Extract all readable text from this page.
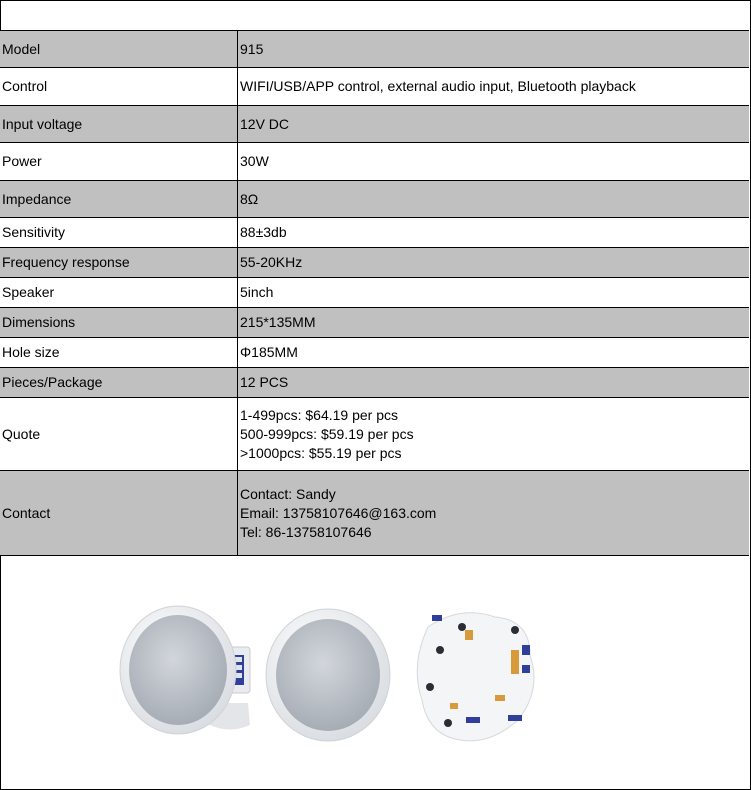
Model	915
Control	WIFI/USB/APP control, external audio input, Bluetooth playback
Input voltage	12V DC
Power	30W
Impedance	8Ω
Sensitivity	88±3db
Frequency response	55-20KHz
Speaker	5inch
Dimensions	215*135MM
Hole size	Φ185MM
Pieces/Package	12 PCS
Quote	1-499pcs: $64.19 per pcs
500-999pcs: $59.19 per pcs
>1000pcs: $55.19 per pcs

Contact	Contact: Sandy
Email: 13758107646@163.com
Tel: 86-13758107646
